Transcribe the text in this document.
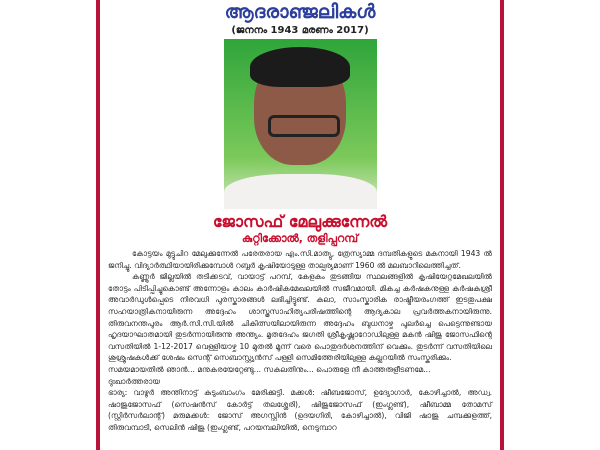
ആദരാഞ്ജലികൾ
(ജനനം 1943 മരണം 2017)
ജോസഫ് മേലുക്കുന്നേൽ
കുറ്റിക്കോൽ, തളിപ്പറമ്പ്

കോട്ടയം മുട്ടുചിറ മേലുക്കുന്നേൽ പരേതരായ എം.സി.മാത്യു, ത്രേസ്യാമ്മ ദമ്പതികളുടെ മകനായി 1943 ൽ ജനിച്ചു. വിദ്യാർത്ഥിയായിരിക്കുമ്പോൾ റബ്ബർ കൃഷിയോടുള്ള താല്പര്യമാണ് 1960 ൽ മലബാറിലെത്തിച്ചത്.

കണ്ണൂർ ജില്ലയിൽ തടിക്കടവ്, വായാട്ട് പറമ്പ്, കേളകം തുടങ്ങിയ സ്ഥലങ്ങളിൽ കൃഷിയേറ്റമേഖലയിൽ തോട്ടം പിടിപ്പിച്ചുകൊണ്ട് അന്നോളം കാലം കാർഷികമേഖലയിൽ സജീവമായി. മികച്ച കർഷകനുള്ള കർഷകശ്രീ അവാർഡുൾപ്പെടെ നിരവധി പുരസ്കാരങ്ങൾ ലഭിച്ചിട്ടുണ്ട്. കലാ, സാംസ്കാരിക രാഷ്ട്രീയരംഗത്ത് ഇടതുപക്ഷ സഹയാത്രികനായിരുന്ന അദ്ദേഹം ശാസ്ത്രസാഹിത്യപരിഷത്തിന്റെ ആദ്യകാല പ്രവർത്തകനായിരുന്നു. തിരുവനന്തപുരം ആർ.സി.സി.യിൽ ചികിത്സയിലായിരുന്ന അദ്ദേഹം ബുധനാഴ്ച പുലർച്ചെ പെട്ടെന്നുണ്ടായ ഹൃദയാഘാതമായി തുടർന്നായിരുന്നു അന്ത്യം. മൃതദേഹം ജഗതി ശ്രീകൃഷ്ണാറോഡിലുള്ള മകൻ ഷിജു ജോസഫിന്റെ വസതിയിൽ 1-12-2017 വെള്ളിയാഴ്ച 10 മുതൽ മൂന്ന് വരെ പൊതുദർശനത്തിന് വെക്കും. തുടർന്ന് വസതിയിലെ ശുശ്രൂഷകൾക്ക് ശേഷം സെന്റ് സെബാസ്റ്റ്യൻസ് പള്ളി സെമിത്തേരിയിലുള്ള കല്ലറയിൽ സംസ്കരിക്കും.

സമയമായതിൽ ഞാൻ... മനുകരയേറ്റേണ്ടു... സകലതിനും... പൊരുളേ നീ കാത്തരുളീടണമേ...

ദുഃഖാർത്തരായ

ഭാര്യ: വാഴൂർ അന്തിനാട്ട് കുടുംബാംഗം മേരിക്കുട്ടി. മക്കൾ: ഷീബജോസ്, ഉദ്യോഗാർ, കോഴിച്ചാൽ, അഡ്വ. ഷാജുജോസഫ് (സെഷൻസ് കോർട്ട് തലശ്ശേരി), ഷിജുജോസഫ് (ഇംഗ്ലണ്ട്), ഷീബാമ്മ തോമസ് (സ്റ്റിർസർലാന്റ്) മരുമക്കൾ: ജോസ് അഗസ്റ്റിൻ (ഉദയഗിരി, കോഴിച്ചാൽ), വിജി ഷാജു ചമ്പക്കുളത്ത്, തിരുവമ്പാടി, സെലിൻ ഷിജു (ഇംഗ്ലണ്ട്, പറയമ്പലിയിൽ, നെടുമ്പാറ
